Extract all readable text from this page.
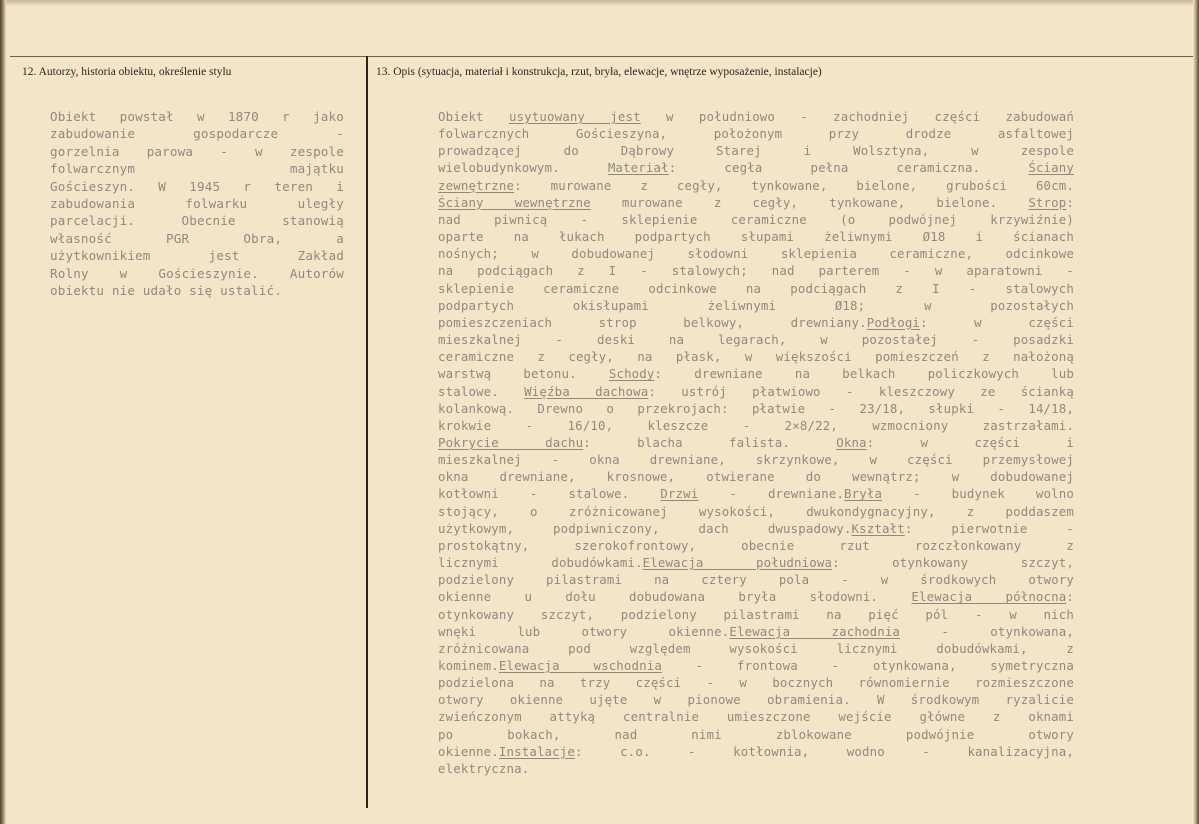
12. Autorzy, historia obiektu, określenie stylu	13. Opis (sytuacja, materiał i konstrukcja, rzut, bryła, elewacje, wnętrze wyposażenie, instalacje)
Obiekt powstał w 1870 r jako
zabudowanie gospodarcze -
gorzelnia parowa - w zespole
folwarcznym majątku
Gościeszyn. W 1945 r teren i
zabudowania folwarku uległy
parcelacji. Obecnie stanowią
własność PGR Obra, a
użytkownikiem jest Zakład
Rolny w Gościeszynie. Autorów
obiektu nie udało się ustalić.
Obiekt usytuowany jest w południowo - zachodniej części zabudowań
folwarcznych Gościeszyna, położonym przy drodze asfaltowej
prowadzącej do Dąbrowy Starej i Wolsztyna, w zespole
wielobudynkowym. Materiał: cegła pełna ceramiczna. Ściany
zewnętrzne: murowane z cegły, tynkowane, bielone, grubości 60cm.
Ściany wewnętrzne murowane z cegły, tynkowane, bielone. Strop:
nad piwnicą - sklepienie ceramiczne (o podwójnej krzywiźnie)
oparte na łukach podpartych słupami żeliwnymi Ø18 i ścianach
nośnych; w dobudowanej słodowni sklepienia ceramiczne, odcinkowe
na podciągach z I - stalowych; nad parterem - w aparatowni -
sklepienie ceramiczne odcinkowe na podciągach z I - stalowych
podpartych okisłupami żeliwnymi Ø18; w pozostałych
pomieszczeniach strop belkowy, drewniany.Podłogi: w części
mieszkalnej - deski na legarach, w pozostałej - posadzki
ceramiczne z cegły, na płask, w większości pomieszczeń z nałożoną
warstwą betonu. Schody: drewniane na belkach policzkowych lub
stalowe. Więźba dachowa: ustrój płatwiowo - kleszczowy ze ścianką
kolankową. Drewno o przekrojach: płatwie - 23/18, słupki - 14/18,
krokwie - 16/10, kleszcze - 2×8/22, wzmocniony zastrzałami.
Pokrycie dachu: blacha falista. Okna: w części i
mieszkalnej - okna drewniane, skrzynkowe, w części przemysłowej
okna drewniane, krosnowe, otwierane do wewnątrz; w dobudowanej
kotłowni - stalowe. Drzwi - drewniane.Bryła - budynek wolno
stojący, o zróżnicowanej wysokości, dwukondygnacyjny, z poddaszem
użytkowym, podpiwniczony, dach dwuspadowy.Kształt: pierwotnie -
prostokątny, szerokofrontowy, obecnie rzut rozczłonkowany z
licznymi dobudówkami.Elewacja południowa: otynkowany szczyt,
podzielony pilastrami na cztery pola - w środkowych otwory
okienne u dołu dobudowana bryła słodowni. Elewacja północna:
otynkowany szczyt, podzielony pilastrami na pięć pól - w nich
wnęki lub otwory okienne.Elewacja zachodnia - otynkowana,
zróżnicowana pod względem wysokości licznymi dobudówkami, z
kominem.Elewacja wschodnia - frontowa - otynkowana, symetryczna
podzielona na trzy części - w bocznych równomiernie rozmieszczone
otwory okienne ujęte w pionowe obramienia. W środkowym ryzalicie
zwieńczonym attyką centralnie umieszczone wejście główne z oknami
po bokach, nad nimi zblokowane podwójnie otwory
okienne.Instalacje: c.o. - kotłownia, wodno - kanalizacyjna,
elektryczna.
